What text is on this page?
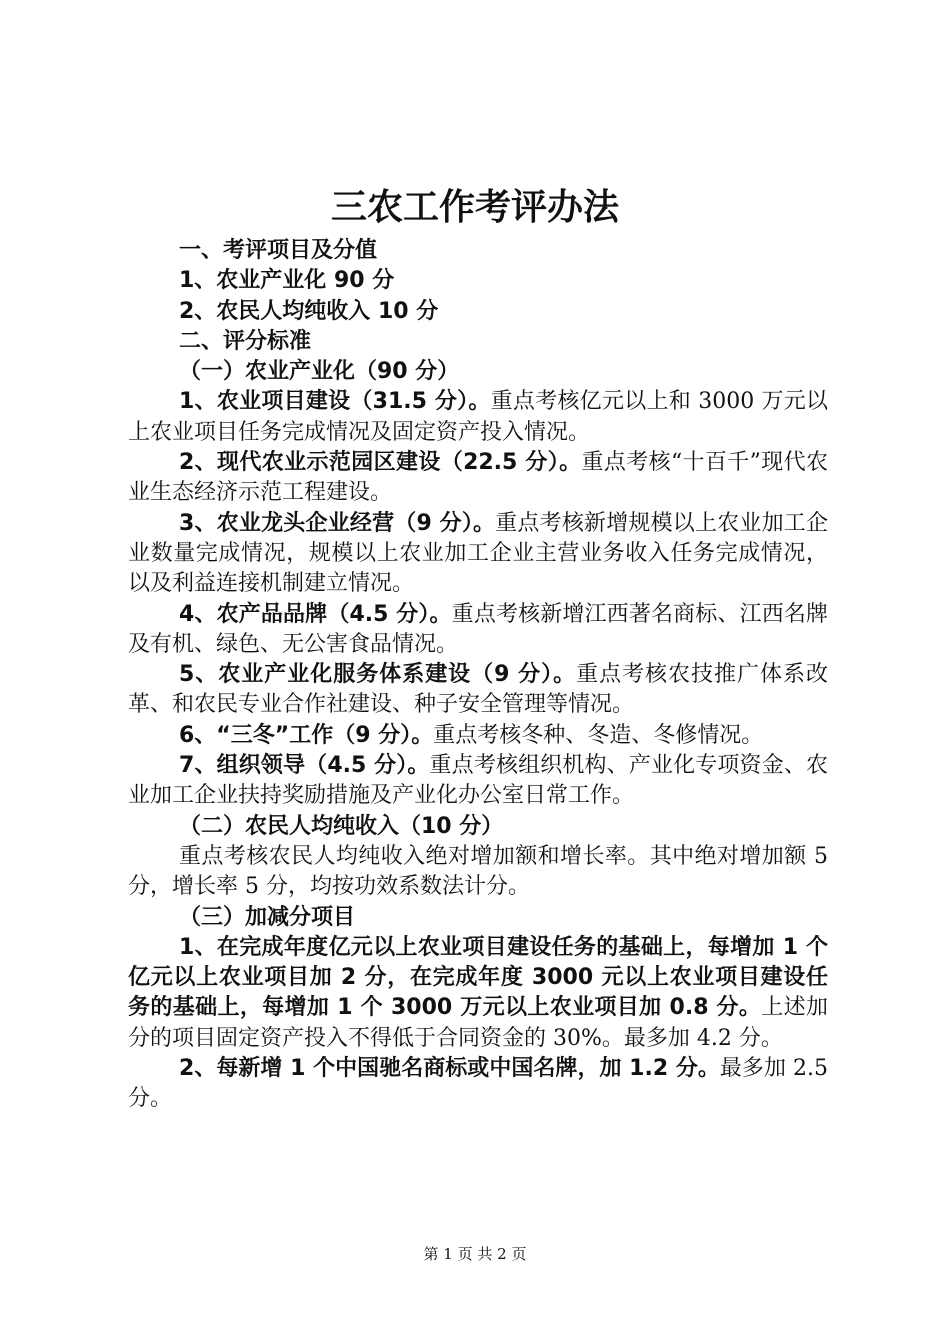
三农工作考评办法

一、考评项目及分值

1、农业产业化 90 分

2、农民人均纯收入 10 分

二、评分标准

（一）农业产业化（90 分）

1、农业项目建设（31.5 分）。重点考核亿元以上和 3000 万元以上农业项目任务完成情况及固定资产投入情况。

2、现代农业示范园区建设（22.5 分）。重点考核“十百千”现代农业生态经济示范工程建设。

3、农业龙头企业经营（9 分）。重点考核新增规模以上农业加工企业数量完成情况，规模以上农业加工企业主营业务收入任务完成情况，以及利益连接机制建立情况。

4、农产品品牌（4.5 分）。重点考核新增江西著名商标、江西名牌及有机、绿色、无公害食品情况。

5、农业产业化服务体系建设（9 分）。重点考核农技推广体系改革、和农民专业合作社建设、种子安全管理等情况。

6、“三冬”工作（9 分）。重点考核冬种、冬造、冬修情况。

7、组织领导（4.5 分）。重点考核组织机构、产业化专项资金、农业加工企业扶持奖励措施及产业化办公室日常工作。

（二）农民人均纯收入（10 分）

重点考核农民人均纯收入绝对增加额和增长率。其中绝对增加额 5 分，增长率 5 分，均按功效系数法计分。

（三）加减分项目

1、在完成年度亿元以上农业项目建设任务的基础上，每增加 1 个亿元以上农业项目加 2 分，在完成年度 3000 元以上农业项目建设任务的基础上，每增加 1 个 3000 万元以上农业项目加 0.8 分。上述加分的项目固定资产投入不得低于合同资金的 30%。最多加 4.2 分。

2、每新增 1 个中国驰名商标或中国名牌，加 1.2 分。最多加 2.5 分。

第 1 页 共 2 页
